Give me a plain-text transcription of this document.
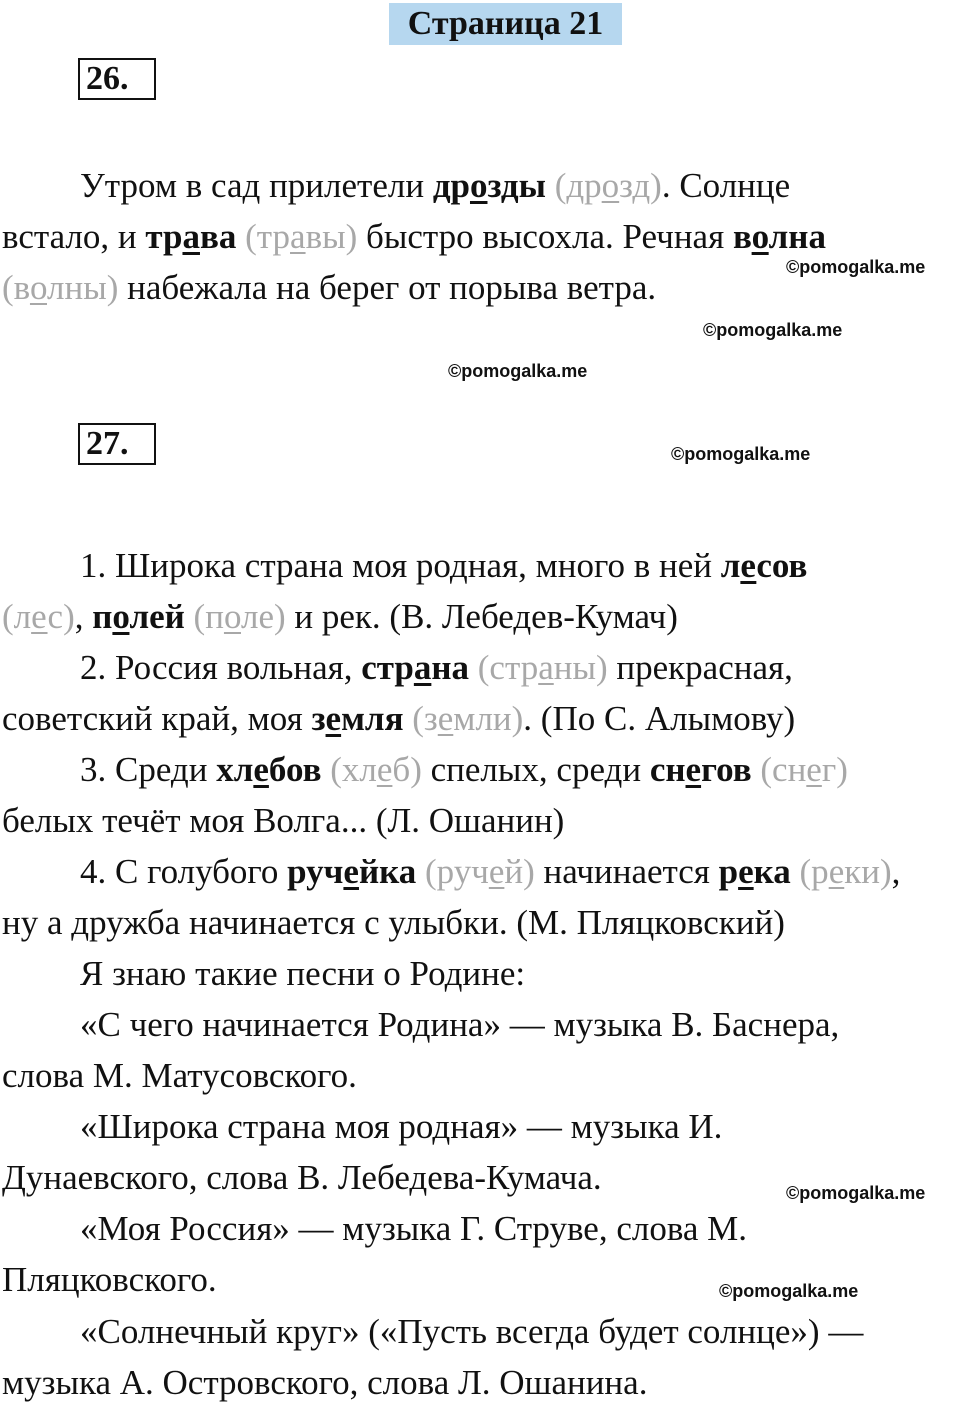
Страница 21
26.
Утром в сад прилетели дрозды (дрозд). Солнце
встало, и трава (травы) быстро высохла. Речная волна
(волны) набежала на берег от порыва ветра.
©pomogalka.me
©pomogalka.me
©pomogalka.me
27.	©pomogalka.me
1. Широка страна моя родная, много в ней лесов
(лес), полей (поле) и рек. (В. Лебедев-Кумач)
2. Россия вольная, страна (страны) прекрасная,
советский край, моя земля (земли). (По С. Алымову)
3. Среди хлебов (хлеб) спелых, среди снегов (снег)
белых течёт моя Волга... (Л. Ошанин)
4. С голубого ручейка (ручей) начинается река (реки),
ну а дружба начинается с улыбки. (М. Пляцковский)
Я знаю такие песни о Родине:
«С чего начинается Родина» — музыка В. Баснера,
слова М. Матусовского.
«Широка страна моя родная» — музыка И.
Дунаевского, слова В. Лебедева-Кумача.	©pomogalka.me
«Моя Россия» — музыка Г. Струве, слова М.
Пляцковского.	©pomogalka.me
«Солнечный круг» («Пусть всегда будет солнце») —
музыка А. Островского, слова Л. Ошанина.
